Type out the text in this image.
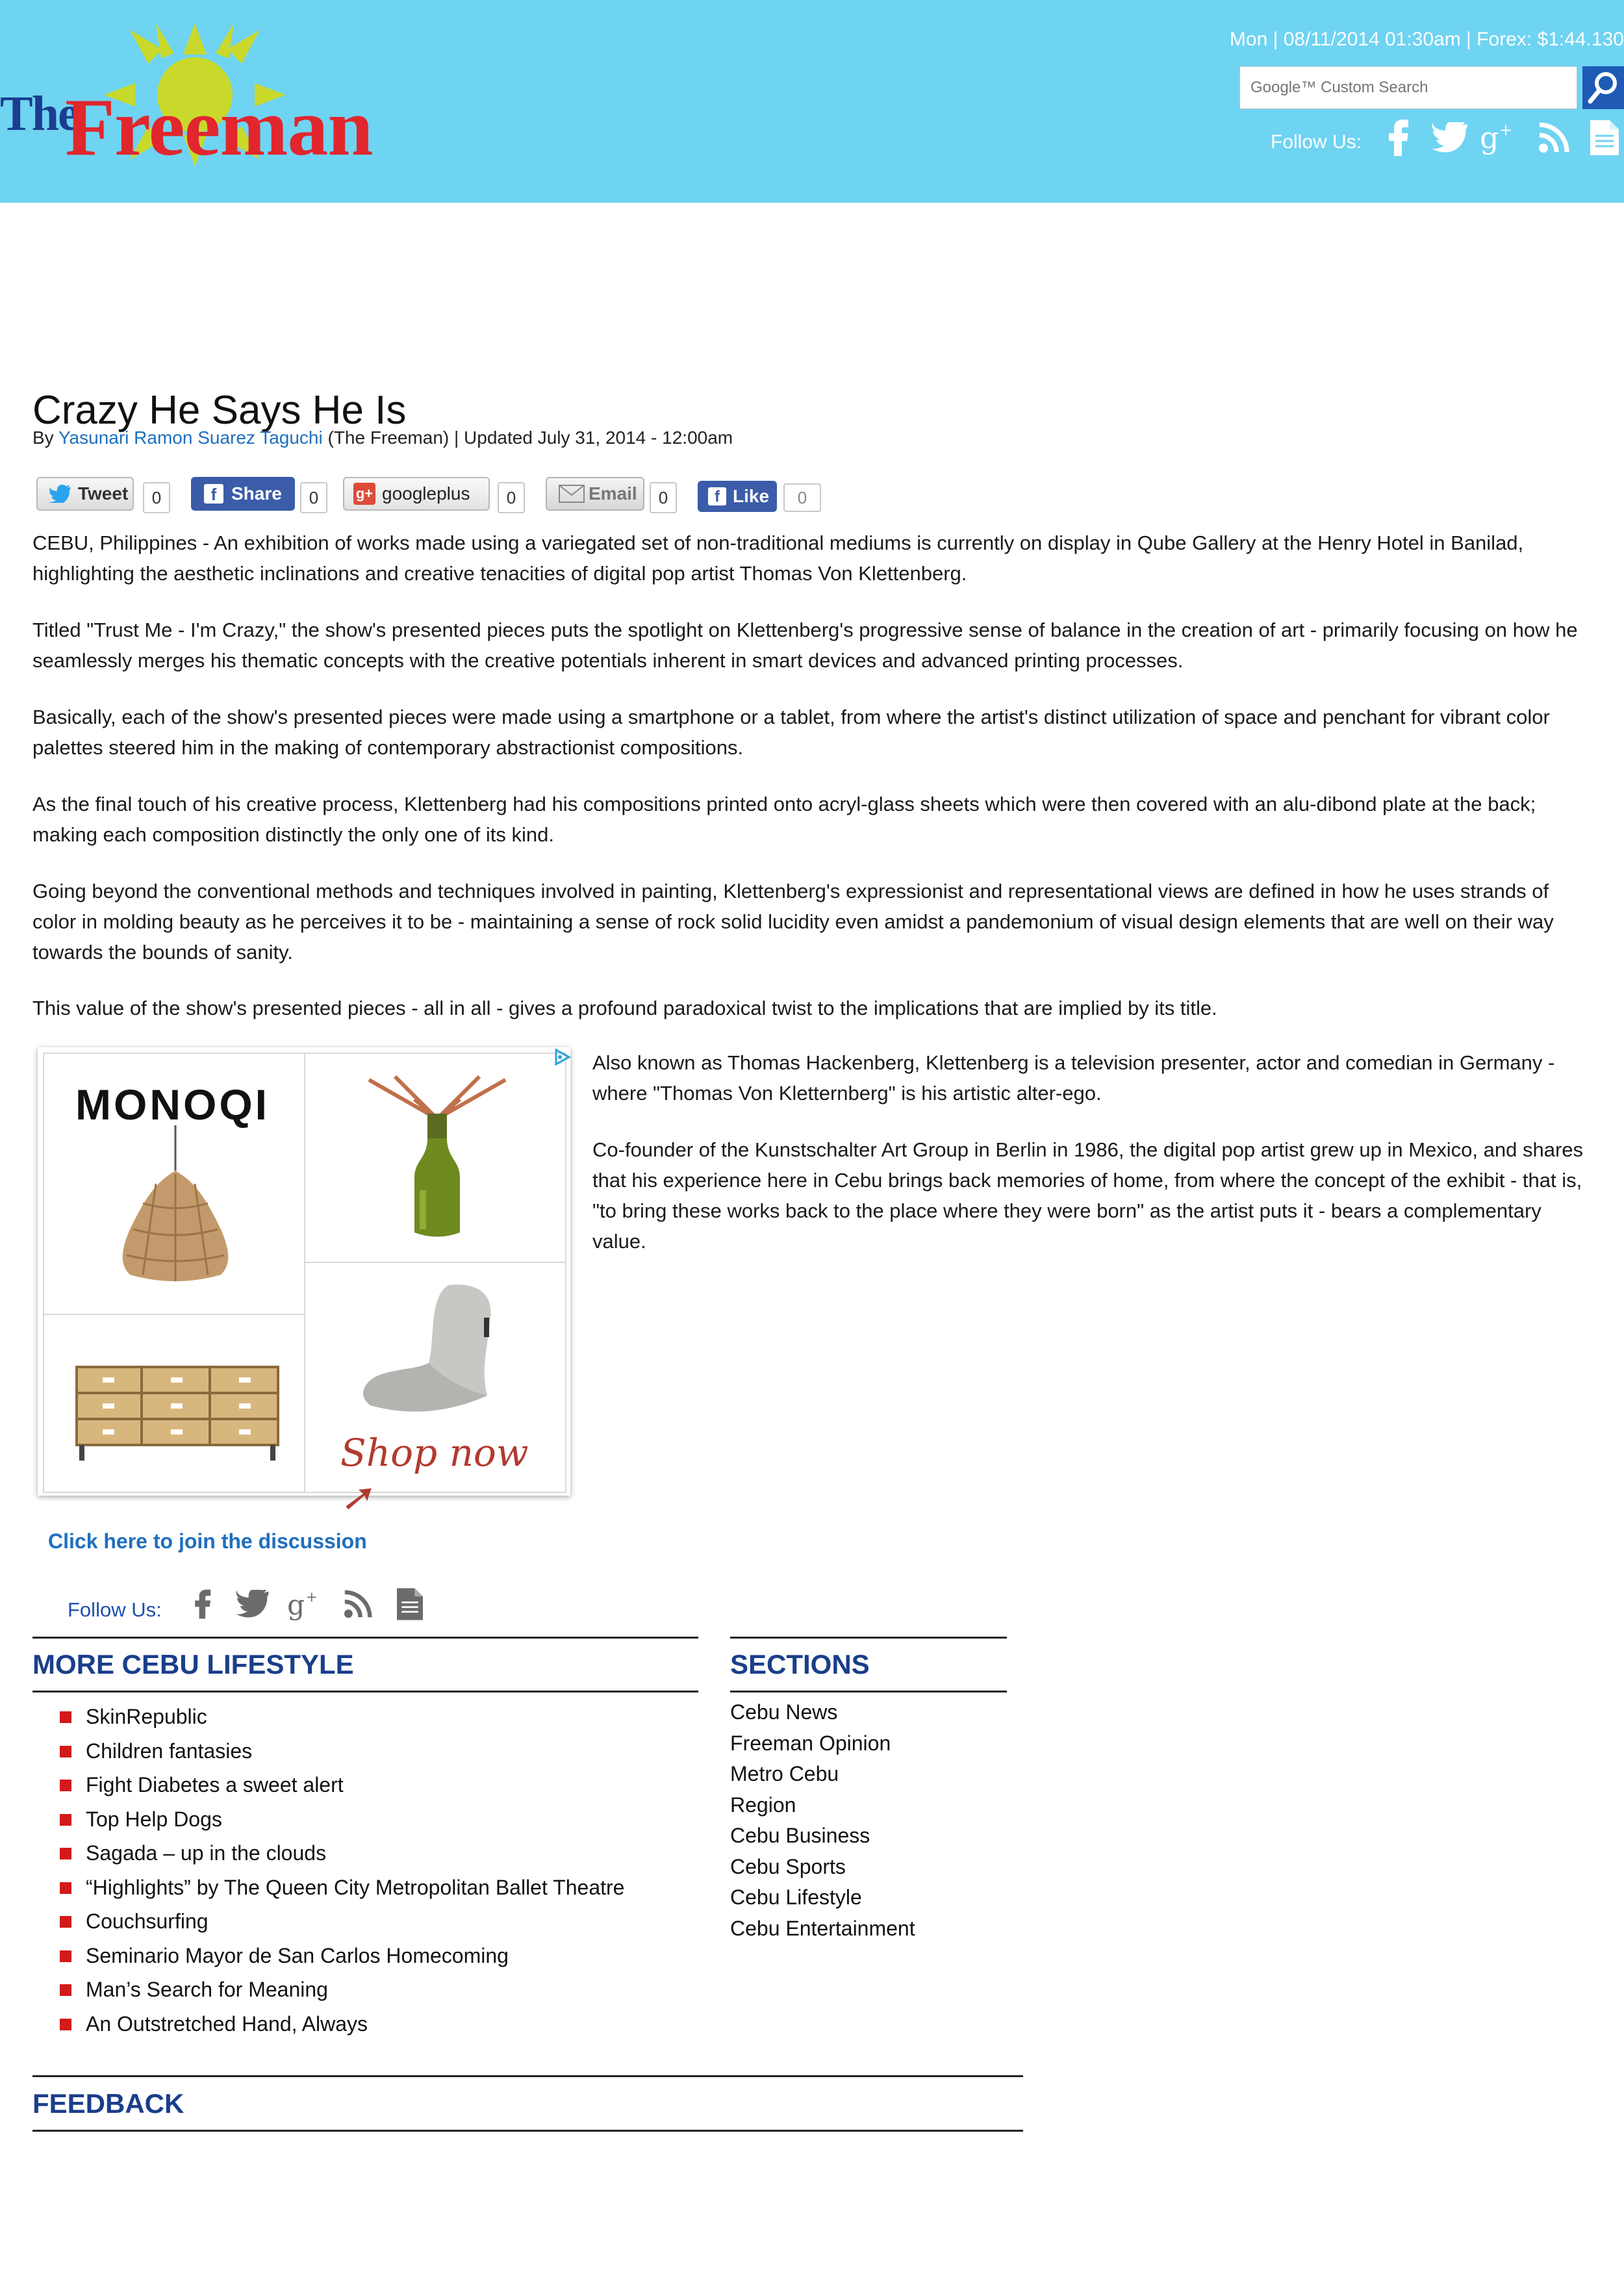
The
Freeman
Mon | 08/11/2014 01:30am | Forex: $1:44.130
Google™ Custom Search
Follow Us:	g +
Crazy He Says He Is
By Yasunari Ramon Suarez Taguchi (The Freeman) | Updated July 31, 2014 - 12:00am
Tweet	0	f Share	0	g+ googleplus	0	Email	0	f Like	0

CEBU, Philippines - An exhibition of works made using a variegated set of non-traditional mediums is currently on display in Qube Gallery at the Henry Hotel in Banilad, highlighting the aesthetic inclinations and creative tenacities of digital pop artist Thomas Von Klettenberg.

Titled "Trust Me - I'm Crazy," the show's presented pieces puts the spotlight on Klettenberg's progressive sense of balance in the creation of art - primarily focusing on how he seamlessly merges his thematic concepts with the creative potentials inherent in smart devices and advanced printing processes.

Basically, each of the show's presented pieces were made using a smartphone or a tablet, from where the artist's distinct utilization of space and penchant for vibrant color palettes steered him in the making of contemporary abstractionist compositions.

As the final touch of his creative process, Klettenberg had his compositions printed onto acryl-glass sheets which were then covered with an alu-dibond plate at the back; making each composition distinctly the only one of its kind.

Going beyond the conventional methods and techniques involved in painting, Klettenberg's expressionist and representational views are defined in how he uses strands of color in molding beauty as he perceives it to be - maintaining a sense of rock solid lucidity even amidst a pandemonium of visual design elements that are well on their way towards the bounds of sanity.

This value of the show's presented pieces - all in all - gives a profound paradoxical twist to the implications that are implied by its title.

Also known as Thomas Hackenberg, Klettenberg is a television presenter, actor and comedian in Germany - where "Thomas Von Kletternberg" is his artistic alter-ego.

Co-founder of the Kunstschalter Art Group in Berlin in 1986, the digital pop artist grew up in Mexico, and shares that his experience here in Cebu brings back memories of home, from where the concept of the exhibit - that is, "to bring these works back to the place where they were born" as the artist puts it - bears a complementary value.

MONOQI
Shop now ➚
Click here to join the discussion
Follow Us:	g +
MORE CEBU LIFESTYLE
SkinRepublic
Children fantasies
Fight Diabetes a sweet alert
Top Help Dogs
Sagada – up in the clouds
“Highlights” by The Queen City Metropolitan Ballet Theatre
Couchsurfing
Seminario Mayor de San Carlos Homecoming
Man’s Search for Meaning
An Outstretched Hand, Always
SECTIONS
Cebu News
Freeman Opinion
Metro Cebu
Region
Cebu Business
Cebu Sports
Cebu Lifestyle
Cebu Entertainment
FEEDBACK
